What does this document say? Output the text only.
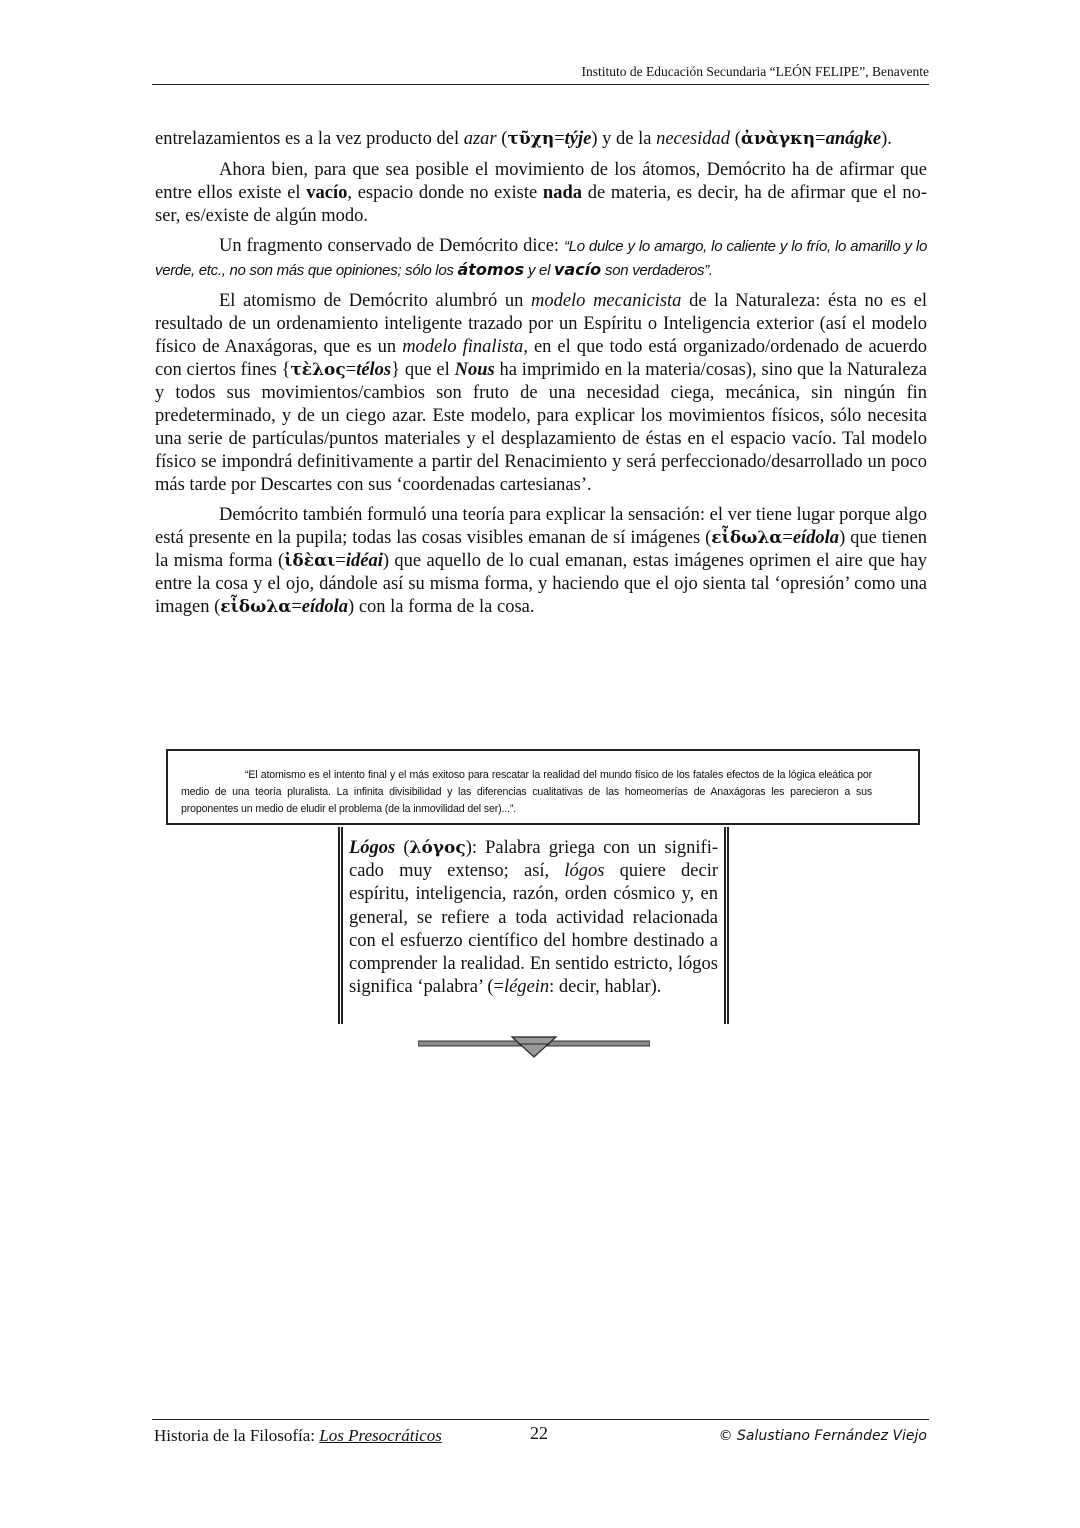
Instituto de Educación Secundaria “LEÓN FELIPE”, Benavente

entrelazamientos es a la vez producto del azar (τῦχη=týje) y de la necesidad (ἀνὰγκη=anágke).

Ahora bien, para que sea posible el movimiento de los átomos, Demócrito ha de afirmar que entre ellos existe el vacío, espacio donde no existe nada de materia, es decir, ha de afirmar que el no-ser, es/existe de algún modo.

Un fragmento conservado de Demócrito dice: “Lo dulce y lo amargo, lo caliente y lo frío, lo amarillo y lo verde, etc., no son más que opiniones; sólo los átomos y el vacío son verdaderos”.

El atomismo de Demócrito alumbró un modelo mecanicista de la Naturaleza: ésta no es el resultado de un ordenamiento inteligente trazado por un Espíritu o Inteligencia exterior (así el modelo físico de Anaxágoras, que es un modelo finalista, en el que todo está organizado/ordenado de acuerdo con ciertos fines {τὲλος=télos} que el Nous ha imprimido en la materia/cosas), sino que la Naturaleza y todos sus movimientos/cambios son fruto de una necesidad ciega, mecánica, sin ningún fin predeterminado, y de un ciego azar. Este modelo, para explicar los movimientos físicos, sólo necesita una serie de partículas/puntos materiales y el desplazamiento de éstas en el espacio vacío. Tal modelo físico se impondrá definitivamente a partir del Renacimiento y será perfeccionado/desarrollado un poco más tarde por Descartes con sus ‘coordenadas cartesianas’.

Demócrito también formuló una teoría para explicar la sensación: el ver tiene lugar porque algo está presente en la pupila; todas las cosas visibles emanan de sí imágenes (εἶδωλα=eídola) que tienen la misma forma (ἰδὲαι=idéai) que aquello de lo cual emanan, estas imágenes oprimen el aire que hay entre la cosa y el ojo, dándole así su misma forma, y haciendo que el ojo sienta tal ‘opresión’ como una imagen (εἶδωλα=eídola) con la forma de la cosa.

“El atomismo es el intento final y el más exitoso para rescatar la realidad del mundo físico de los fatales efectos de la lógica eleática por medio de una teoría pluralista. La infinita divisibilidad y las diferencias cualitativas de las homeomerías de Anaxágoras les parecieron a sus proponentes un medio de eludir el problema (de la inmovilidad del ser)...”.

Lógos (λόγος): Palabra griega con un signifi-cado muy extenso; así, lógos quiere decir espíritu, inteligencia, razón, orden cósmico y, en general, se refiere a toda actividad relacionada con el esfuerzo científico del hombre destinado a comprender la realidad. En sentido estricto, lógos significa ‘palabra’ (=légein: decir, hablar).

Historia de la Filosofía: Los Presocráticos	22	© Salustiano Fernández Viejo
